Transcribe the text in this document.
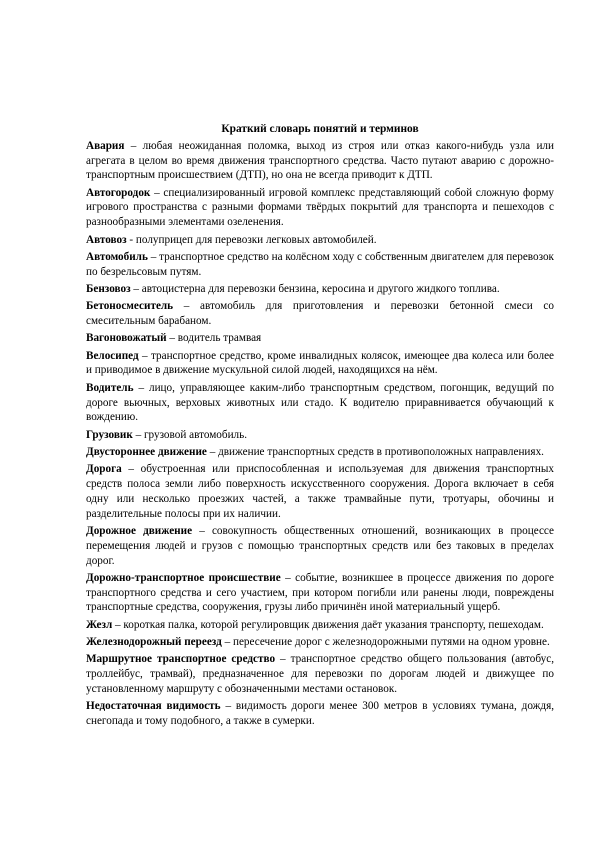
Краткий словарь понятий и терминов

Авария – любая неожиданная поломка, выход из строя или отказ какого-нибудь узла или агрегата в целом во время движения транспортного средства. Часто путают аварию с дорожно-транспортным происшествием (ДТП), но она не всегда приводит к ДТП.

Автогородок – специализированный игровой комплекс представляющий собой сложную форму игрового пространства с разными формами твёрдых покрытий для транспорта и пешеходов с разнообразными элементами озеленения.

Автовоз - полуприцеп для перевозки легковых автомобилей.

Автомобиль – транспортное средство на колёсном ходу с собственным двигателем для перевозок по безрельсовым путям.

Бензовоз – автоцистерна для перевозки бензина, керосина и другого жидкого топлива.

Бетоносмеситель – автомобиль для приготовления и перевозки бетонной смеси со смесительным барабаном.

Вагоновожатый – водитель трамвая

Велосипед – транспортное средство, кроме инвалидных колясок, имеющее два колеса или более и приводимое в движение мускульной силой людей, находящихся на нём.

Водитель – лицо, управляющее каким-либо транспортным средством, погонщик, ведущий по дороге вьючных, верховых животных или стадо. К водителю приравнивается обучающий к вождению.

Грузовик – грузовой автомобиль.

Двустороннее движение – движение транспортных средств в противоположных направлениях.

Дорога – обустроенная или приспособленная и используемая для движения транспортных средств полоса земли либо поверхность искусственного сооружения. Дорога включает в себя одну или несколько проезжих частей, а также трамвайные пути, тротуары, обочины и разделительные полосы при их наличии.

Дорожное движение – совокупность общественных отношений, возникающих в процессе перемещения людей и грузов с помощью транспортных средств или без таковых в пределах дорог.

Дорожно-транспортное происшествие – событие, возникшее в процессе движения по дороге транспортного средства и сего участием, при котором погибли или ранены люди, повреждены транспортные средства, сооружения, грузы либо причинён иной материальный ущерб.

Жезл – короткая палка, которой регулировщик движения даёт указания транспорту, пешеходам.

Железнодорожный переезд – пересечение дорог с железнодорожными путями на одном уровне.

Маршрутное транспортное средство – транспортное средство общего пользования (автобус, троллейбус, трамвай), предназначенное для перевозки по дорогам людей и движущее по установленному маршруту с обозначенными местами остановок.

Недостаточная видимость – видимость дороги менее 300 метров в условиях тумана, дождя, снегопада и тому подобного, а также в сумерки.
